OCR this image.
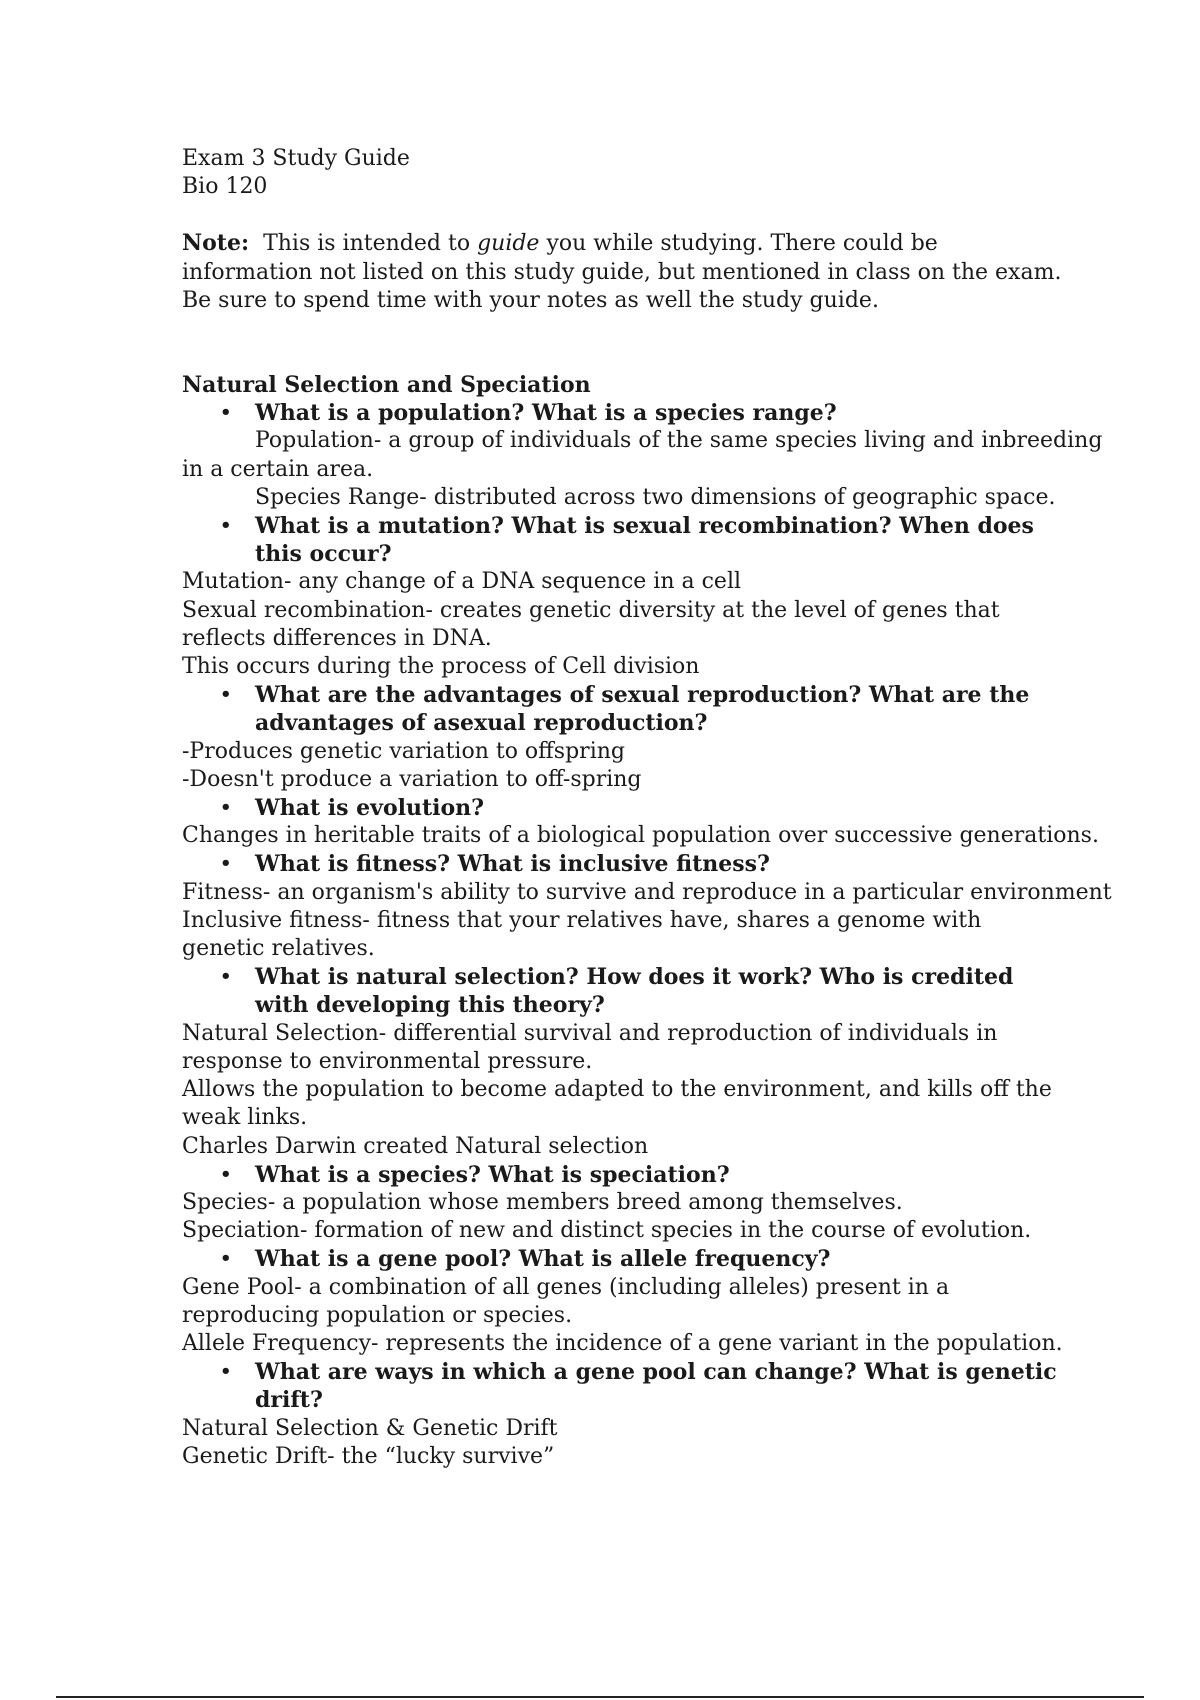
Exam 3 Study Guide

Bio 120

Note: This is intended to guide you while studying. There could be information not listed on this study guide, but mentioned in class on the exam. Be sure to spend time with your notes as well the study guide.

Natural Selection and Speciation

• What is a population? What is a species range?

Population- a group of individuals of the same species living and inbreeding

in a certain area.

Species Range- distributed across two dimensions of geographic space.

• What is a mutation? What is sexual recombination? When does this occur?

Mutation- any change of a DNA sequence in a cell

Sexual recombination- creates genetic diversity at the level of genes that reflects differences in DNA.

This occurs during the process of Cell division

• What are the advantages of sexual reproduction? What are the advantages of asexual reproduction?

-Produces genetic variation to offspring

-Doesn't produce a variation to off-spring

• What is evolution?

Changes in heritable traits of a biological population over successive generations.

• What is fitness? What is inclusive fitness?

Fitness- an organism's ability to survive and reproduce in a particular environment

Inclusive fitness- fitness that your relatives have, shares a genome with genetic relatives.

• What is natural selection? How does it work? Who is credited with developing this theory?

Natural Selection- differential survival and reproduction of individuals in response to environmental pressure.

Allows the population to become adapted to the environment, and kills off the weak links.

Charles Darwin created Natural selection

• What is a species? What is speciation?

Species- a population whose members breed among themselves.

Speciation- formation of new and distinct species in the course of evolution.

• What is a gene pool? What is allele frequency?

Gene Pool- a combination of all genes (including alleles) present in a reproducing population or species.

Allele Frequency- represents the incidence of a gene variant in the population.

• What are ways in which a gene pool can change? What is genetic drift?

Natural Selection & Genetic Drift

Genetic Drift- the “lucky survive”
